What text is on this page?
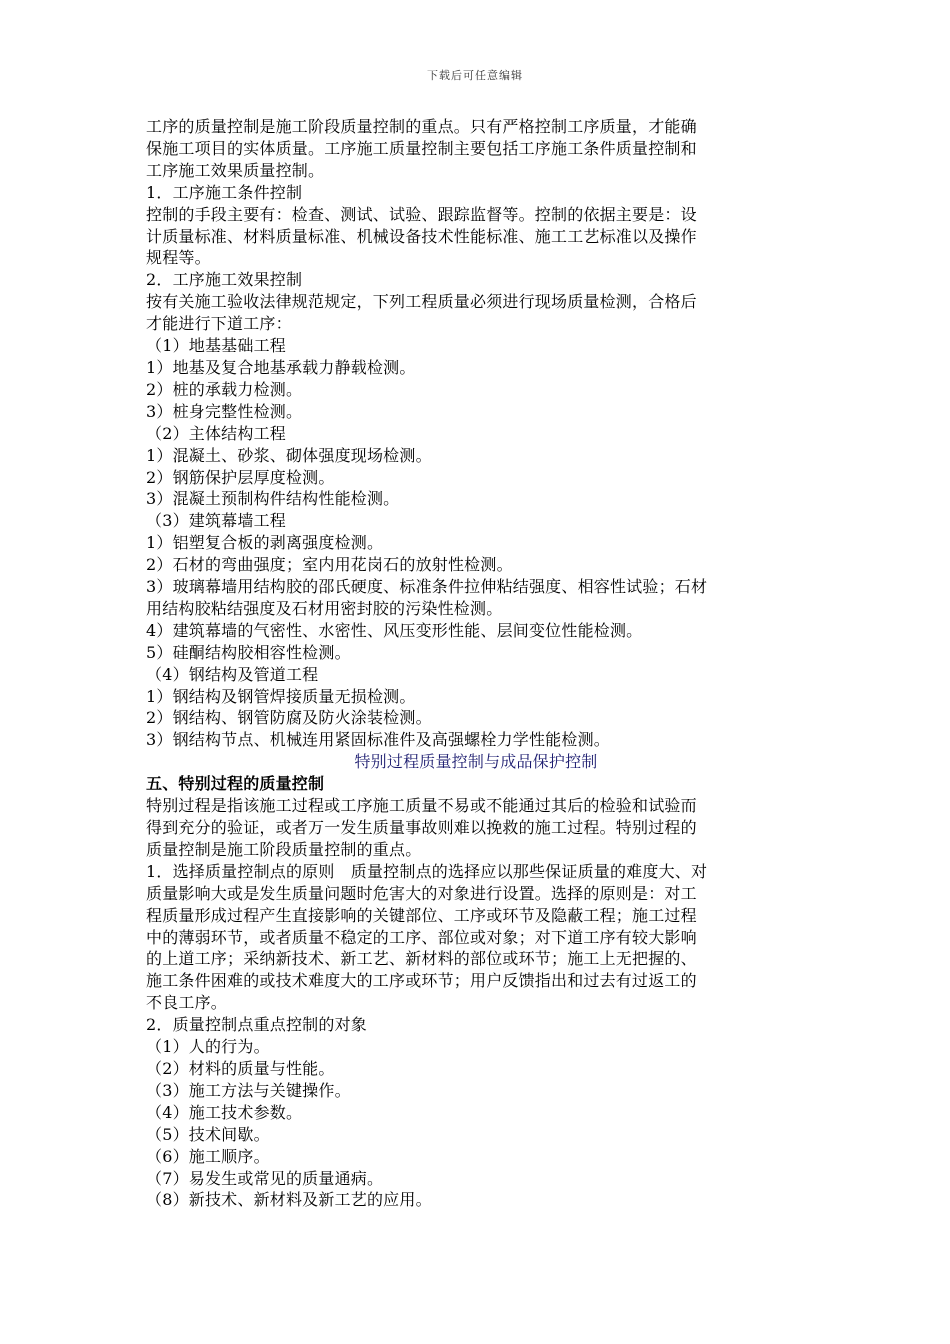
下载后可任意编辑
工序的质量控制是施工阶段质量控制的重点。只有严格控制工序质量，才能确
保施工项目的实体质量。工序施工质量控制主要包括工序施工条件质量控制和
工序施工效果质量控制。
1．工序施工条件控制
控制的手段主要有：检查、测试、试验、跟踪监督等。控制的依据主要是：设
计质量标准、材料质量标准、机械设备技术性能标准、施工工艺标准以及操作
规程等。
2．工序施工效果控制
按有关施工验收法律规范规定，下列工程质量必须进行现场质量检测，合格后
才能进行下道工序：
（1）地基基础工程
1）地基及复合地基承载力静载检测。
2）桩的承载力检测。
3）桩身完整性检测。
（2）主体结构工程
1）混凝土、砂浆、砌体强度现场检测。
2）钢筋保护层厚度检测。
3）混凝土预制构件结构性能检测。
（3）建筑幕墙工程
1）铝塑复合板的剥离强度检测。
2）石材的弯曲强度；室内用花岗石的放射性检测。
3）玻璃幕墙用结构胶的邵氏硬度、标准条件拉伸粘结强度、相容性试验；石材
用结构胶粘结强度及石材用密封胶的污染性检测。
4）建筑幕墙的气密性、水密性、风压变形性能、层间变位性能检测。
5）硅酮结构胶相容性检测。
（4）钢结构及管道工程
1）钢结构及钢管焊接质量无损检测。
2）钢结构、钢管防腐及防火涂装检测。
3）钢结构节点、机械连用紧固标准件及高强螺栓力学性能检测。
特别过程质量控制与成品保护控制
五、特别过程的质量控制
特别过程是指该施工过程或工序施工质量不易或不能通过其后的检验和试验而
得到充分的验证，或者万一发生质量事故则难以挽救的施工过程。特别过程的
质量控制是施工阶段质量控制的重点。
1．选择质量控制点的原则　质量控制点的选择应以那些保证质量的难度大、对
质量影响大或是发生质量问题时危害大的对象进行设置。选择的原则是：对工
程质量形成过程产生直接影响的关键部位、工序或环节及隐蔽工程；施工过程
中的薄弱环节，或者质量不稳定的工序、部位或对象；对下道工序有较大影响
的上道工序；采纳新技术、新工艺、新材料的部位或环节；施工上无把握的、
施工条件困难的或技术难度大的工序或环节；用户反馈指出和过去有过返工的
不良工序。
2．质量控制点重点控制的对象
（1）人的行为。
（2）材料的质量与性能。
（3）施工方法与关键操作。
（4）施工技术参数。
（5）技术间歇。
（6）施工顺序。
（7）易发生或常见的质量通病。
（8）新技术、新材料及新工艺的应用。
